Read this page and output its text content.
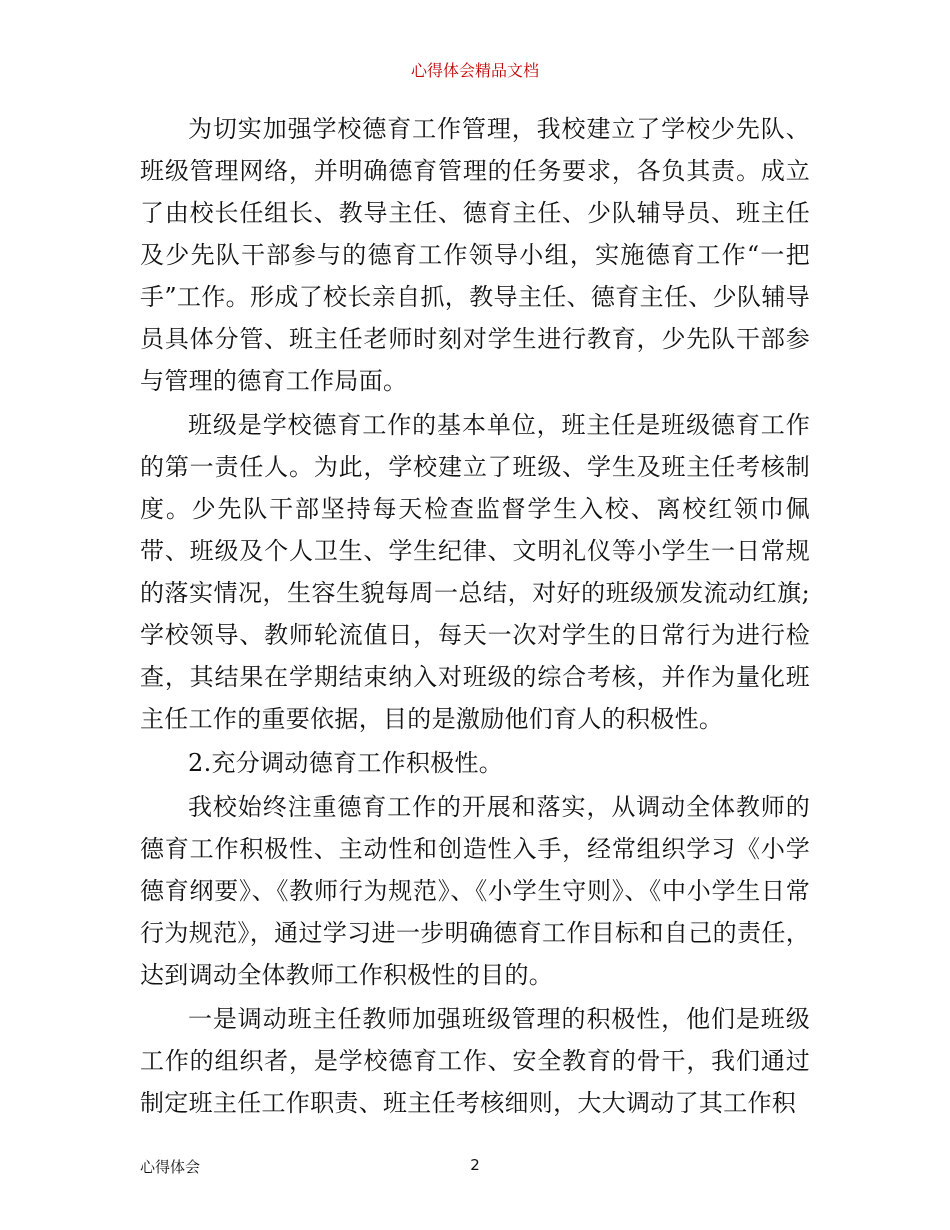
心得体会精品文档

为切实加强学校德育工作管理，我校建立了学校少先队、班级管理网络，并明确德育管理的任务要求，各负其责。成立了由校长任组长、教导主任、德育主任、少队辅导员、班主任及少先队干部参与的德育工作领导小组，实施德育工作“一把手”工作。形成了校长亲自抓，教导主任、德育主任、少队辅导员具体分管、班主任老师时刻对学生进行教育，少先队干部参与管理的德育工作局面。

班级是学校德育工作的基本单位，班主任是班级德育工作的第一责任人。为此，学校建立了班级、学生及班主任考核制度。少先队干部坚持每天检查监督学生入校、离校红领巾佩带、班级及个人卫生、学生纪律、文明礼仪等小学生一日常规的落实情况，生容生貌每周一总结，对好的班级颁发流动红旗;学校领导、教师轮流值日，每天一次对学生的日常行为进行检查，其结果在学期结束纳入对班级的综合考核，并作为量化班主任工作的重要依据，目的是激励他们育人的积极性。

2.充分调动德育工作积极性。

我校始终注重德育工作的开展和落实，从调动全体教师的德育工作积极性、主动性和创造性入手，经常组织学习《小学德育纲要》、《教师行为规范》、《小学生守则》、《中小学生日常行为规范》，通过学习进一步明确德育工作目标和自己的责任，达到调动全体教师工作积极性的目的。

一是调动班主任教师加强班级管理的积极性，他们是班级工作的组织者，是学校德育工作、安全教育的骨干，我们通过制定班主任工作职责、班主任考核细则，大大调动了其工作积

心得体会	2
